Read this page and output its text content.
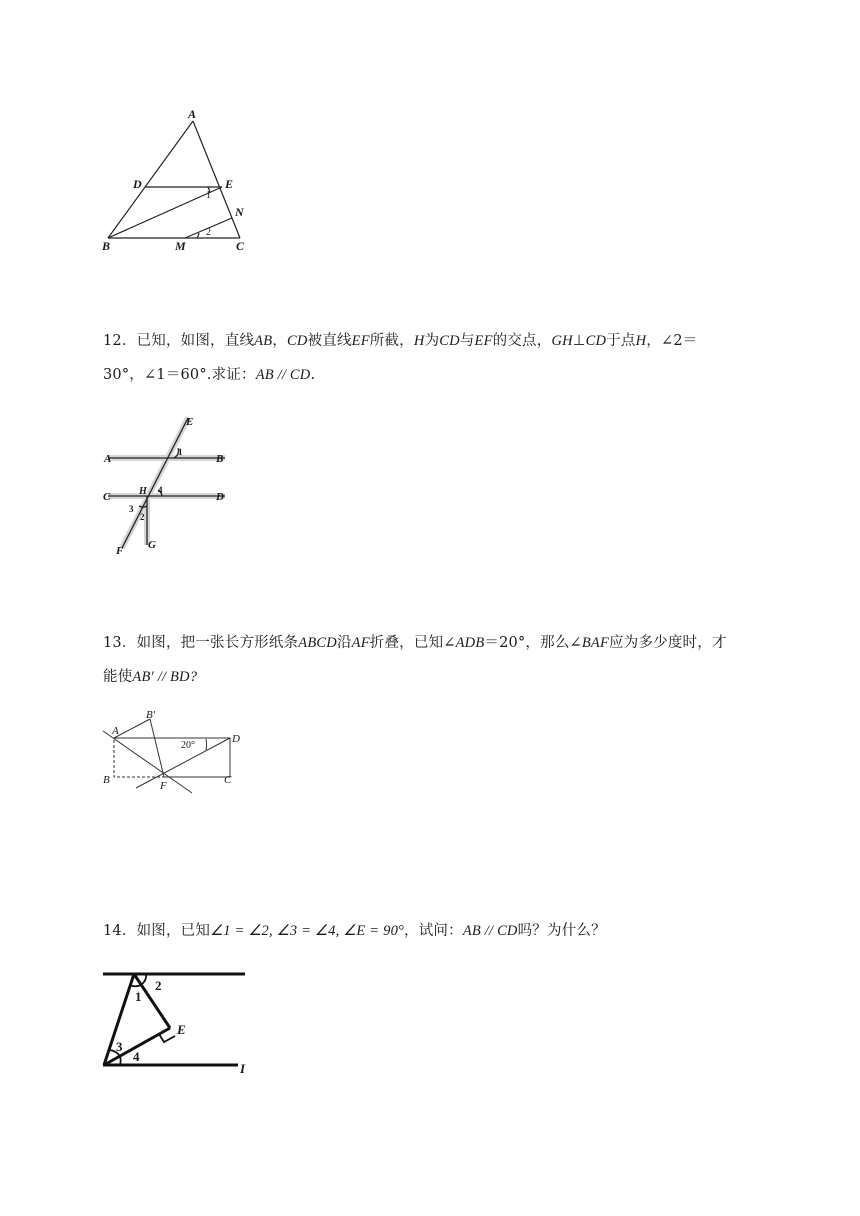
A
D	E
N
B	M	C
1
2
12．已知，如图，直线AB，CD被直线EF所截，H为CD与EF的交点，GH⊥CD于点H，∠2＝
30°，∠1＝60°.求证：AB // CD.
E
A	B
C	H	D
F G
1
2
3
4
13．如图，把一张长方形纸条ABCD沿AF折叠，已知∠ADB＝20°，那么∠BAF应为多少度时，才
能使AB′ // BD?
A
B′
D
B	F	C
20°
14．如图，已知∠1 = ∠2, ∠3 = ∠4, ∠E = 90°，试问：AB // CD吗？为什么？
1
2
3
4
E
I
